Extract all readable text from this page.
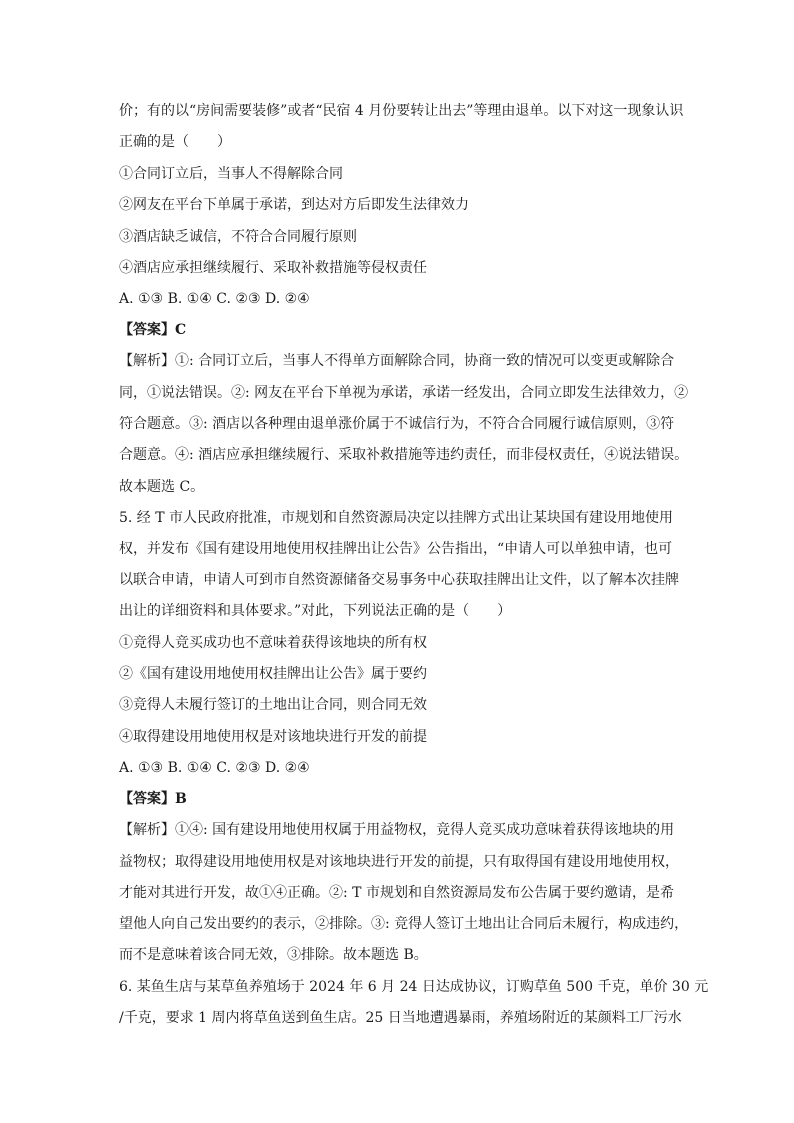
价；有的以“房间需要装修”或者“民宿 4 月份要转让出去”等理由退单。以下对这一现象认识
正确的是（　　）
①合同订立后，当事人不得解除合同
②网友在平台下单属于承诺，到达对方后即发生法律效力
③酒店缺乏诚信，不符合合同履行原则
④酒店应承担继续履行、采取补救措施等侵权责任
A. ①③ B. ①④ C. ②③ D. ②④
【答案】C
【解析】①: 合同订立后，当事人不得单方面解除合同，协商一致的情况可以变更或解除合
同，①说法错误。②: 网友在平台下单视为承诺，承诺一经发出，合同立即发生法律效力，②
符合题意。③: 酒店以各种理由退单涨价属于不诚信行为，不符合合同履行诚信原则，③符
合题意。④: 酒店应承担继续履行、采取补救措施等违约责任，而非侵权责任，④说法错误。
故本题选 C。
5. 经 T 市人民政府批准，市规划和自然资源局决定以挂牌方式出让某块国有建设用地使用
权，并发布《国有建设用地使用权挂牌出让公告》公告指出，“申请人可以单独申请，也可
以联合申请，申请人可到市自然资源储备交易事务中心获取挂牌出让文件，以了解本次挂牌
出让的详细资料和具体要求。”对此，下列说法正确的是（　　）
①竞得人竞买成功也不意味着获得该地块的所有权
②《国有建设用地使用权挂牌出让公告》属于要约
③竞得人未履行签订的土地出让合同，则合同无效
④取得建设用地使用权是对该地块进行开发的前提
A. ①③ B. ①④ C. ②③ D. ②④
【答案】B
【解析】①④: 国有建设用地使用权属于用益物权，竞得人竞买成功意味着获得该地块的用
益物权；取得建设用地使用权是对该地块进行开发的前提，只有取得国有建设用地使用权，
才能对其进行开发，故①④正确。②: T 市规划和自然资源局发布公告属于要约邀请，是希
望他人向自己发出要约的表示，②排除。③: 竞得人签订土地出让合同后未履行，构成违约，
而不是意味着该合同无效，③排除。故本题选 B。
6. 某鱼生店与某草鱼养殖场于 2024 年 6 月 24 日达成协议，订购草鱼 500 千克，单价 30 元
/千克，要求 1 周内将草鱼送到鱼生店。25 日当地遭遇暴雨，养殖场附近的某颜料工厂污水
